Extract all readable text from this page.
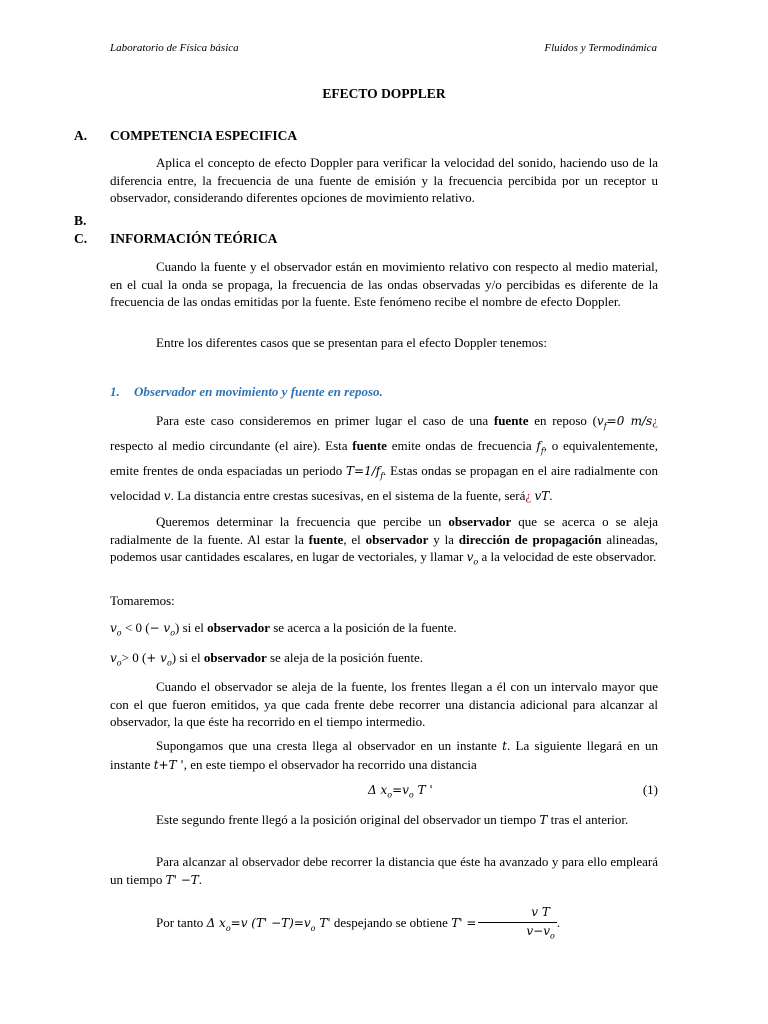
Laboratorio de Física básica	Fluidos y Termodinámica
EFECTO DOPPLER
A. COMPETENCIA ESPECIFICA
Aplica el concepto de efecto Doppler para verificar la velocidad del sonido, haciendo uso de la diferencia entre, la frecuencia de una fuente de emisión y la frecuencia percibida por un receptor u observador, considerando diferentes opciones de movimiento relativo.
B.
C. INFORMACIÓN TEÓRICA
Cuando la fuente y el observador están en movimiento relativo con respecto al medio material, en el cual la onda se propaga, la frecuencia de las ondas observadas y/o percibidas es diferente de la frecuencia de las ondas emitidas por la fuente. Este fenómeno recibe el nombre de efecto Doppler.
Entre los diferentes casos que se presentan para el efecto Doppler tenemos:
1. Observador en movimiento y fuente en reposo.
Para este caso consideremos en primer lugar el caso de una fuente en reposo ($v_f=0$ m/s¿ respecto al medio circundante (el aire). Esta fuente emite ondas de frecuencia $f_f$, o equivalentemente, emite frentes de onda espaciadas un periodo $T=1/f_f$. Estas ondas se propagan en el aire radialmente con velocidad v. La distancia entre crestas sucesivas, en el sistema de la fuente, será¿ vT.
Queremos determinar la frecuencia que percibe un observador que se acerca o se aleja radialmente de la fuente. Al estar la fuente, el observador y la dirección de propagación alineadas, podemos usar cantidades escalares, en lugar de vectoriales, y llamar $v_o$ a la velocidad de este observador.
Tomaremos:
$v_o < 0$ (− $v_o$) si el observador se acerca a la posición de la fuente.
$v_o> 0$ (+ $v_o$) si el observador se aleja de la posición fuente.
Cuando el observador se aleja de la fuente, los frentes llegan a él con un intervalo mayor que con el que fueron emitidos, ya que cada frente debe recorrer una distancia adicional para alcanzar al observador, la que éste ha recorrido en el tiempo intermedio.
Supongamos que una cresta llega al observador en un instante t. La siguiente llegará en un instante t+T ', en este tiempo el observador ha recorrido una distancia
Δ $x_o=v_o$ T '	(1)
Este segundo frente llegó a la posición original del observador un tiempo T tras el anterior.
Para alcanzar al observador debe recorrer la distancia que éste ha avanzado y para ello empleará un tiempo T' −T.
Por tanto Δ $x_o=v$ $(T' -T)=v_o$ T' despejando se obtiene $T' = \frac{\text{v T}}{v-v_o}$ .
